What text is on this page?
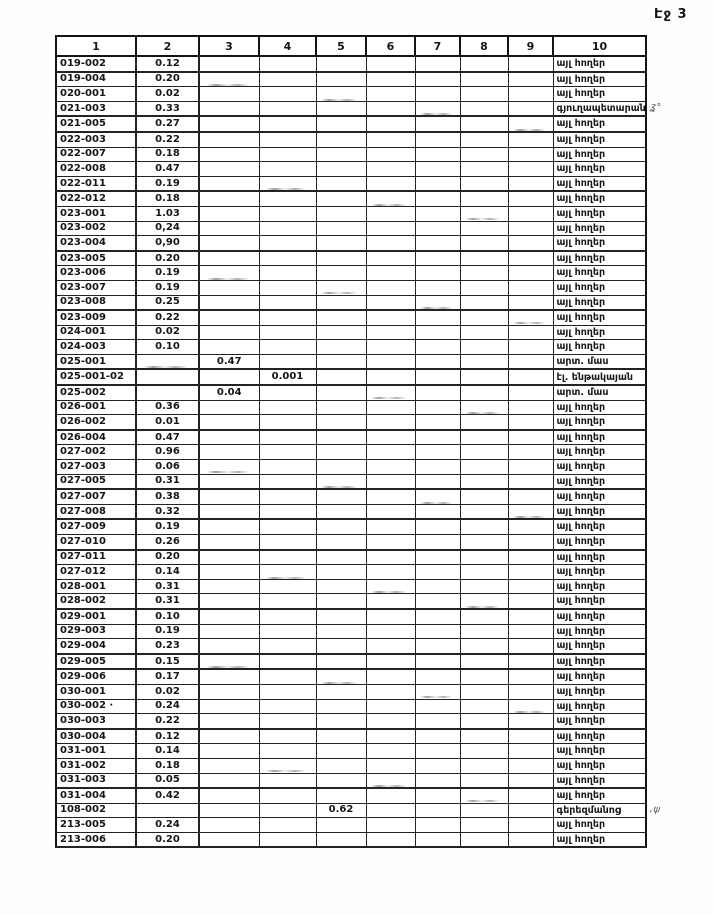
Էջ 3
1	2	3	4	5	6	7	8	9	10
019-002	0.12								այլ հողեր
019-004	0.20								այլ հողեր
020-001	0.02								այլ հողեր
021-003	0.33								գյուղապետարան ʓ°

021-005	0.27								այլ հողեր
022-003	0.22								այլ հողեր
022-007	0.18								այլ հողեր
022-008	0.47								այլ հողեր
022-011	0.19								այլ հողեր
022-012	0.18								այլ հողեր
023-001	1.03								այլ հողեր
023-002	0,24								այլ հողեր
023-004	0,90								այլ հողեր
023-005	0.20								այլ հողեր
023-006	0.19								այլ հողեր
023-007	0.19								այլ հողեր
023-008	0.25								այլ հողեր
023-009	0.22								այլ հողեր
024-001	0.02								այլ հողեր
024-003	0.10								այլ հողեր
025-001		0.47							արտ. մաս
025-001-02			0.001						էլ. ենթակայան
025-002		0.04							արտ. մաս
026-001	0.36								այլ հողեր
026-002	0.01								այլ հողեր
026-004	0.47								այլ հողեր
027-002	0.96								այլ հողեր
027-003	0.06								այլ հողեր
027-005	0.31								այլ հողեր
027-007	0.38								այլ հողեր
027-008	0.32								այլ հողեր
027-009	0.19								այլ հողեր
027-010	0.26								այլ հողեր
027-011	0.20								այլ հողեր
027-012	0.14								այլ հողեր
028-001	0.31								այլ հողեր
028-002	0.31								այլ հողեր
029-001	0.10								այլ հողեր
029-003	0.19								այլ հողեր
029-004	0.23								այլ հողեր
029-005	0.15								այլ հողեր
029-006	0.17								այլ հողեր
030-001	0.02								այլ հողեր
030-002 ·	0.24								այլ հողեր
030-003	0.22								այլ հողեր
030-004	0.12								այլ հողեր
031-001	0.14								այլ հողեր
031-002	0.18								այլ հողեր
031-003	0.05								այլ հողեր
031-004	0.42								այլ հողեր
108-002				0.62					գերեզմանոց ,ψ

213-005	0.24								այլ հողեր
213-006	0.20								այլ հողեր
